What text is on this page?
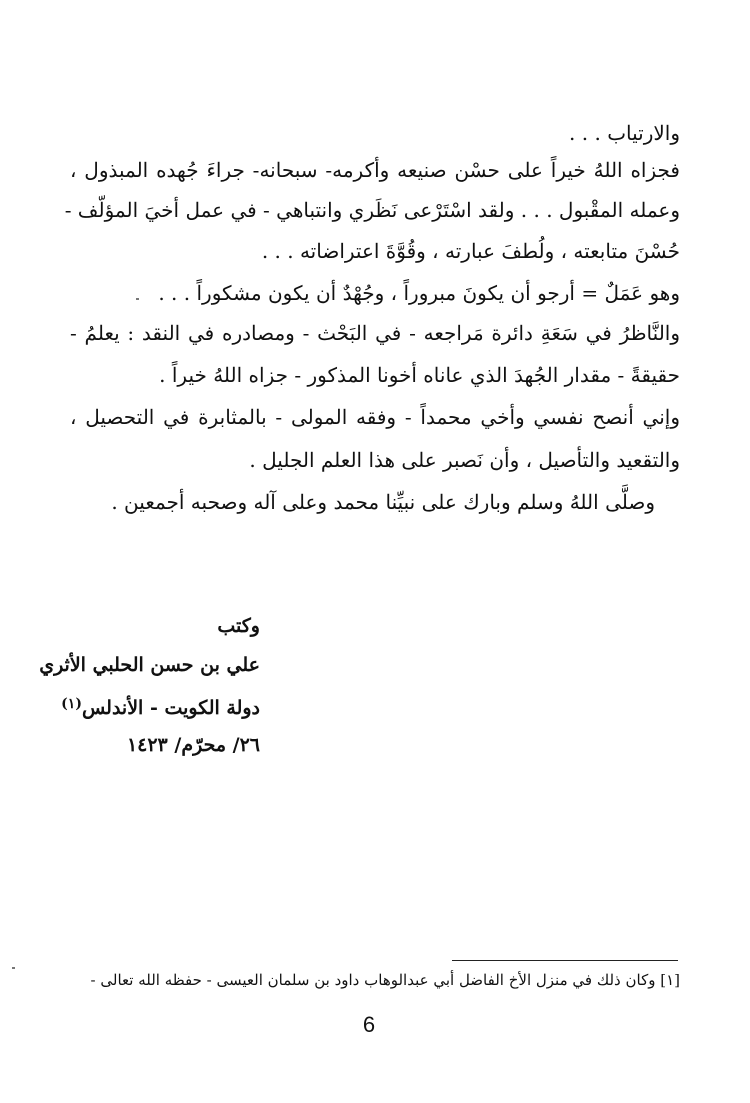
والارتياب . . .
فجزاه اللهُ خيراً على حسْن صنيعه وأكرمه- سبحانه- جراءَ جُهده المبذول ،
وعمله المقْبول . . . ولقد اسْتَرْعى نَظَري وانتباهي - في عمل أخيَ المؤلّف -
حُسْنَ متابعته ، ولُطفَ عبارته ، وقُوَّةَ اعتراضاته . . .
وهو عَمَلٌ = أرجو أن يكونَ مبروراً ، وجُهْدٌ أن يكون مشكوراً . . .
والنَّاظرُ في سَعَةِ دائرة مَراجعه - في البَحْث - ومصادره في النقد : يعلمُ -
حقيقةً - مقدار الجُهدَ الذي عاناه أخونا المذكور - جزاه اللهُ خيراً .
وإني أنصح نفسي وأخي محمداً - وفقه المولى - بالمثابرة في التحصيل ،
والتقعيد والتأصيل ، وأن نَصبر على هذا العلم الجليل .
وصلَّى اللهُ وسلم وبارك على نبيِّنا محمد وعلى آله وصحبه أجمعين .
وكتب
علي بن حسن الحلبي الأثري
دولة الكويت - الأندلس$^{(١)}$
٢٦/ محرّم/ ١٤٢٣
[١] وكان ذلك في منزل الأخ الفاضل أبي عبدالوهاب داود بن سلمان العيسى - حفظه الله تعالى -
6
